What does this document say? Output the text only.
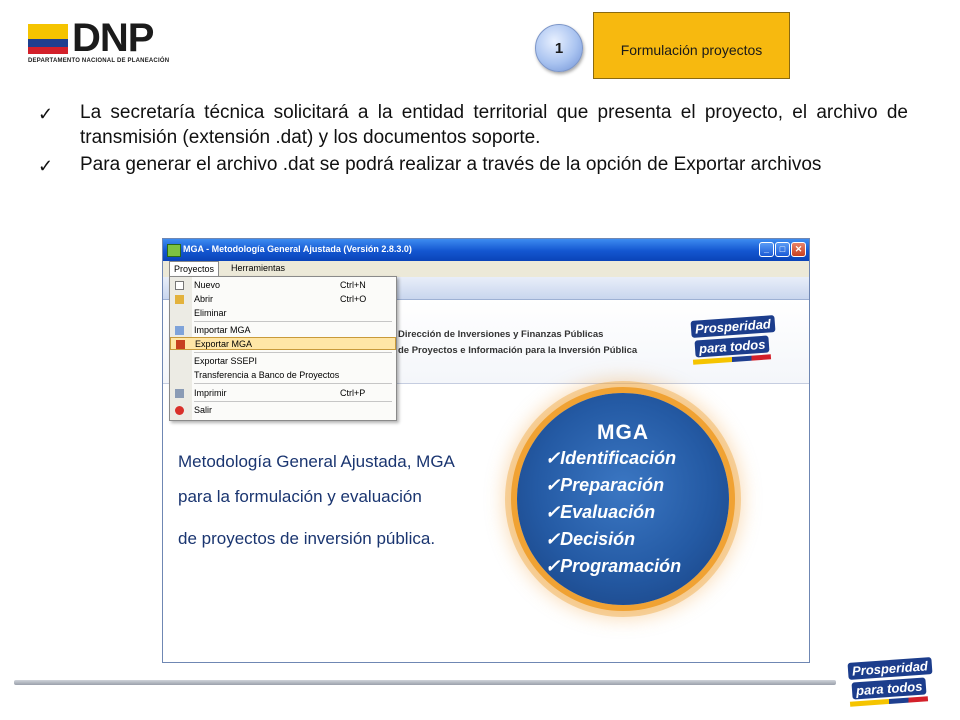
DNP
DEPARTAMENTO NACIONAL DE PLANEACIÓN
1	Formulación proyectos
✓ La secretaría técnica solicitará a la entidad territorial que presenta el proyecto, el archivo de transmisión (extensión .dat) y los documentos soporte.
✓ Para generar el archivo .dat se podrá realizar a través de la opción de Exportar archivos
MGA - Metodología General Ajustada (Versión 2.8.3.0)	_	□	✕
Proyectos	Herramientas
Dirección de Inversiones y Finanzas Públicas
de Proyectos e Información para la Inversión Pública
Prosperidad
para todos
Metodología General Ajustada, MGA
para la formulación y evaluación
de proyectos de inversión pública.
MGA
✓Identificación
✓Preparación
✓Evaluación
✓Decisión
✓Programación
Nuevo	Ctrl+N
Abrir	Ctrl+O
Eliminar
Importar MGA
Exportar MGA
Exportar SSEPI
Transferencia a Banco de Proyectos
Imprimir	Ctrl+P
Salir
Prosperidad
para todos
